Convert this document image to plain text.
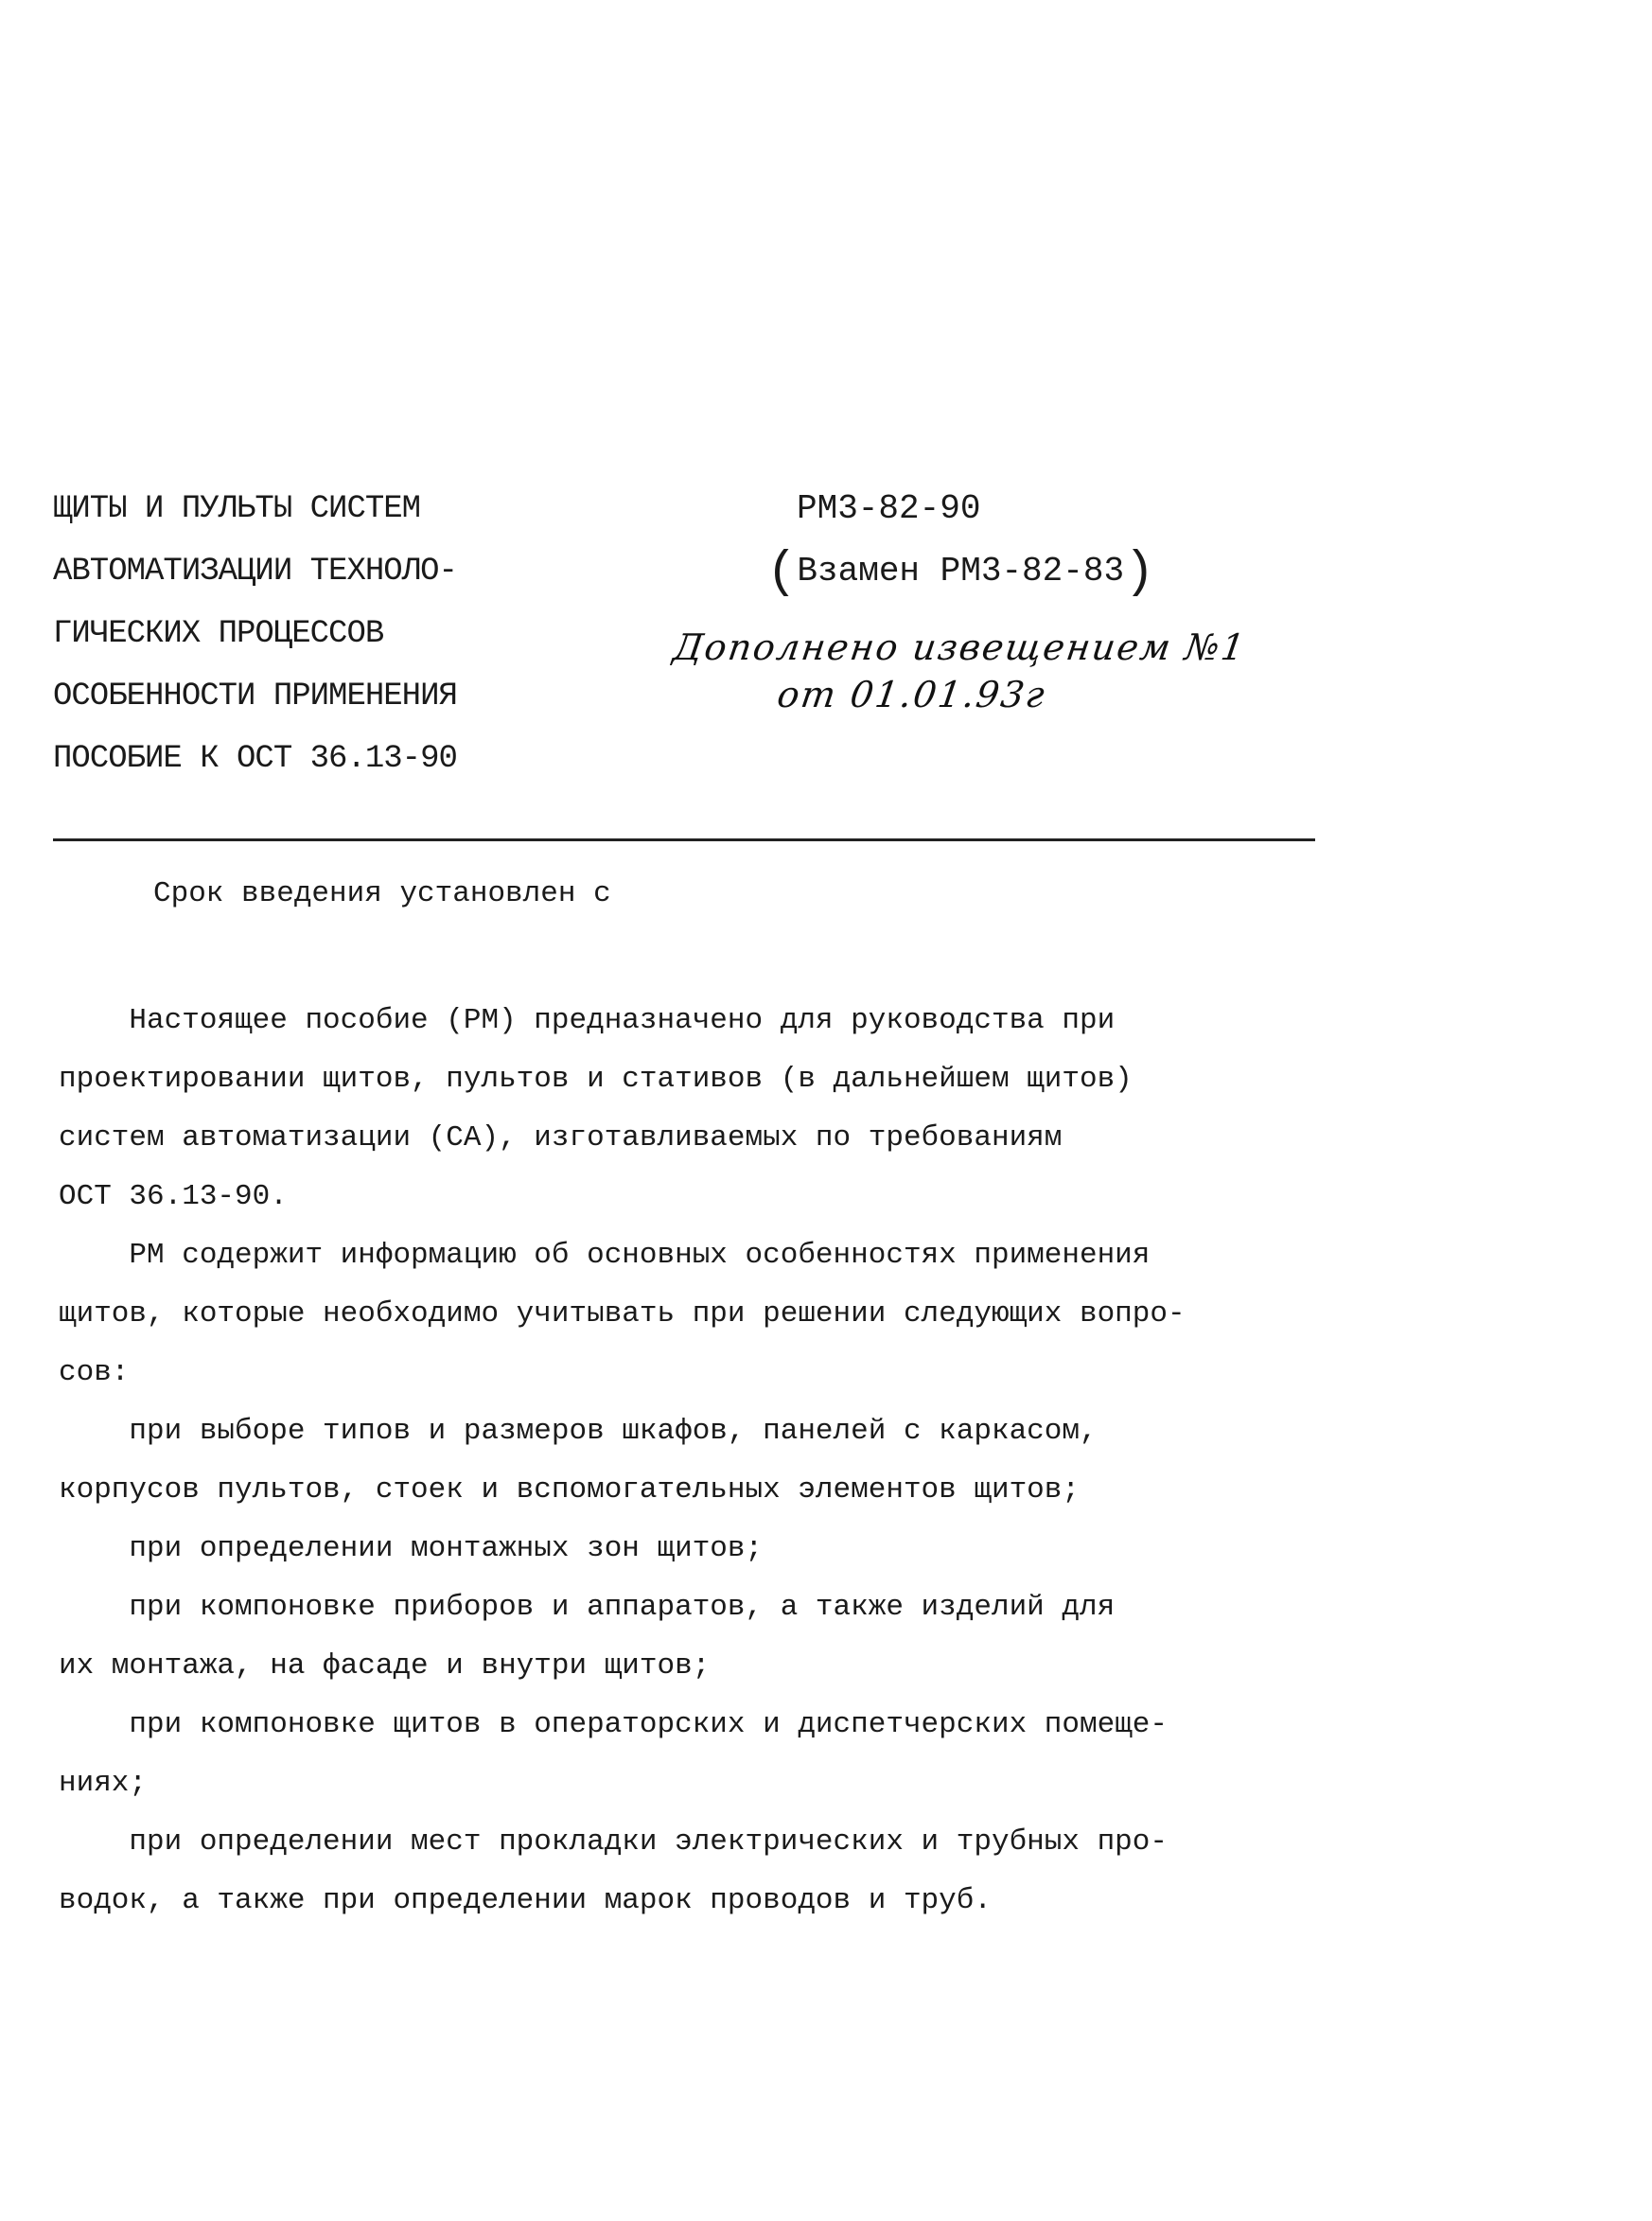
ЩИТЫ И ПУЛЬТЫ СИСТЕМ
АВТОМАТИЗАЦИИ ТЕХНОЛО-
ГИЧЕСКИХ ПРОЦЕССОВ
ОСОБЕННОСТИ ПРИМЕНЕНИЯ
ПОСОБИЕ К ОСТ 36.13-90
РМ3-82-90
(Взамен РМ3-82-83)
Дополнено извещением №1
от 01.01.93г

Срок введения установлен с

Настоящее пособие (РМ) предназначено для руководства при

проектировании щитов, пультов и стативов (в дальнейшем щитов)

систем автоматизации (СА), изготавливаемых по требованиям

ОСТ 36.13-90.

РМ содержит информацию об основных особенностях применения

щитов, которые необходимо учитывать при решении следующих вопро-

сов:

при выборе типов и размеров шкафов, панелей с каркасом,

корпусов пультов, стоек и вспомогательных элементов щитов;

при определении монтажных зон щитов;

при компоновке приборов и аппаратов, а также изделий для

их монтажа, на фасаде и внутри щитов;

при компоновке щитов в операторских и диспетчерских помеще-

ниях;

при определении мест прокладки электрических и трубных про-

водок, а также при определении марок проводов и труб.
